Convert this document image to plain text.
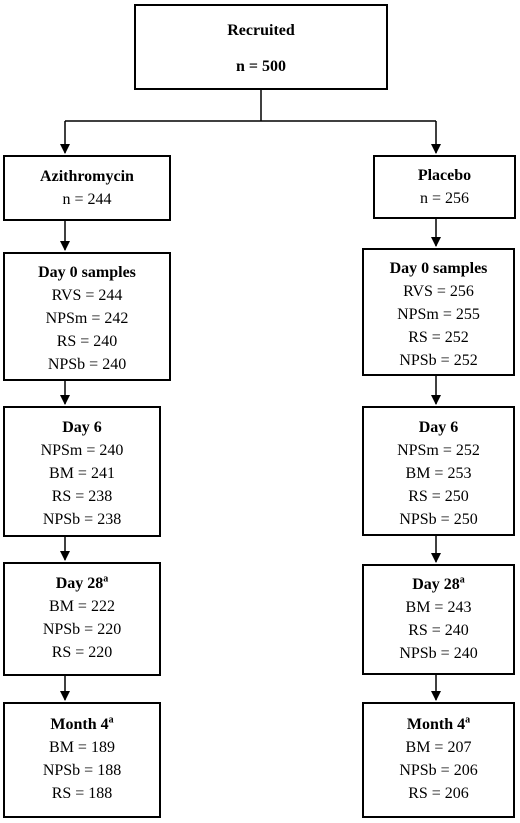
Recruited
n = 500
Azithromycin
n = 244
Day 0 samples
RVS = 244
NPSm = 242
RS = 240
NPSb = 240
Day 6
NPSm = 240
BM = 241
RS = 238
NPSb = 238
Day 28$^a$
BM = 222
NPSb = 220
RS = 220
Month 4$^a$
BM = 189
NPSb = 188
RS = 188
Placebo
n = 256
Day 0 samples
RVS = 256
NPSm = 255
RS = 252
NPSb = 252
Day 6
NPSm = 252
BM = 253
RS = 250
NPSb = 250
Day 28$^a$
BM = 243
RS = 240
NPSb = 240
Month 4$^a$
BM = 207
NPSb = 206
RS = 206
